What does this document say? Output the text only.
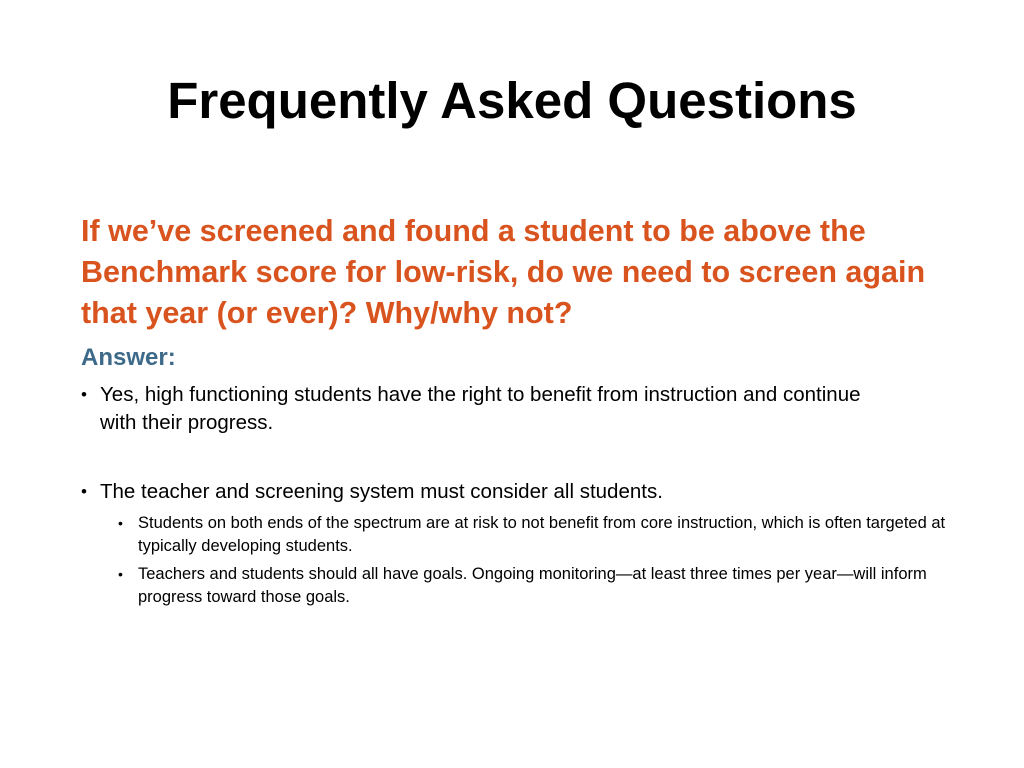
Frequently Asked Questions

If we’ve screened and found a student to be above the Benchmark score for low-risk, do we need to screen again that year (or ever)? Why/why not?

Answer:

• Yes, high functioning students have the right to benefit from instruction and continue with their progress.

• The teacher and screening system must consider all students.

• Students on both ends of the spectrum are at risk to not benefit from core instruction, which is often targeted at typically developing students.

• Teachers and students should all have goals. Ongoing monitoring—at least three times per year—will inform progress toward those goals.
